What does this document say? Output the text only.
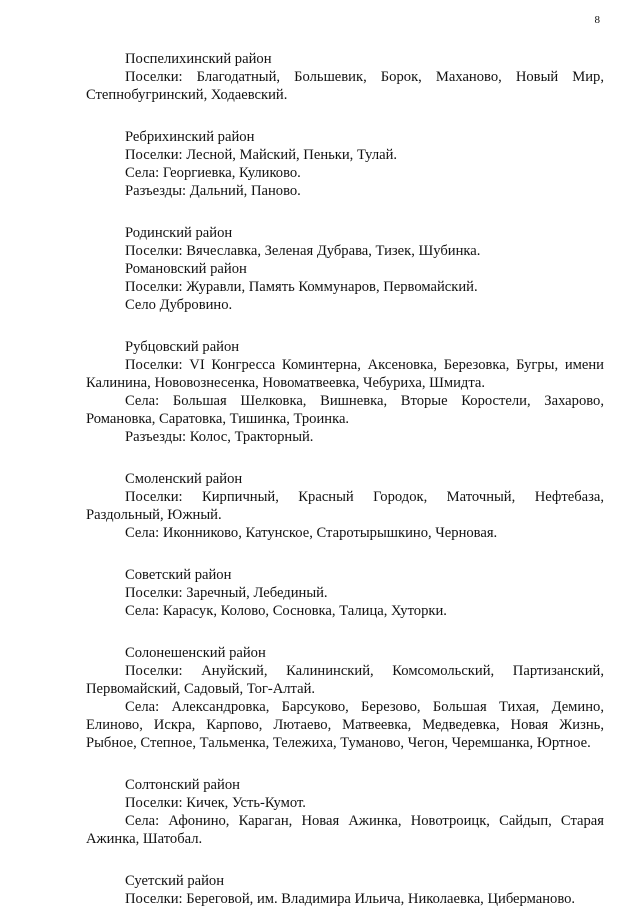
8
Поспелихинский район
Поселки: Благодатный, Большевик, Борок, Маханово, Новый Мир, Степнобугринский, Ходаевский.
Ребрихинский район
Поселки: Лесной, Майский, Пеньки, Тулай.
Села: Георгиевка, Куликово.
Разъезды: Дальний, Паново.
Родинский район
Поселки: Вячеславка, Зеленая Дубрава, Тизек, Шубинка.
Романовский район
Поселки: Журавли, Память Коммунаров, Первомайский.
Село Дубровино.
Рубцовский район
Поселки: VI Конгресса Коминтерна, Аксеновка, Березовка, Бугры, имени Калинина, Нововознесенка, Новоматвеевка, Чебуриха, Шмидта.
Села: Большая Шелковка, Вишневка, Вторые Коростели, Захарово, Романовка, Саратовка, Тишинка, Троинка.
Разъезды: Колос, Тракторный.
Смоленский район
Поселки: Кирпичный, Красный Городок, Маточный, Нефтебаза, Раздольный, Южный.
Села: Иконниково, Катунское, Старотырышкино, Черновая.
Советский район
Поселки: Заречный, Лебединый.
Села: Карасук, Колово, Сосновка, Талица, Хуторки.
Солонешенский район
Поселки: Ануйский, Калининский, Комсомольский, Партизанский, Первомайский, Садовый, Тог-Алтай.
Села: Александровка, Барсуково, Березово, Большая Тихая, Демино, Елиново, Искра, Карпово, Лютаево, Матвеевка, Медведевка, Новая Жизнь, Рыбное, Степное, Тальменка, Тележиха, Туманово, Чегон, Черемшанка, Юртное.
Солтонский район
Поселки: Кичек, Усть-Кумот.
Села: Афонино, Караган, Новая Ажинка, Новотроицк, Сайдып, Старая Ажинка, Шатобал.
Суетский район
Поселки: Береговой, им. Владимира Ильича, Николаевка, Циберманово.
